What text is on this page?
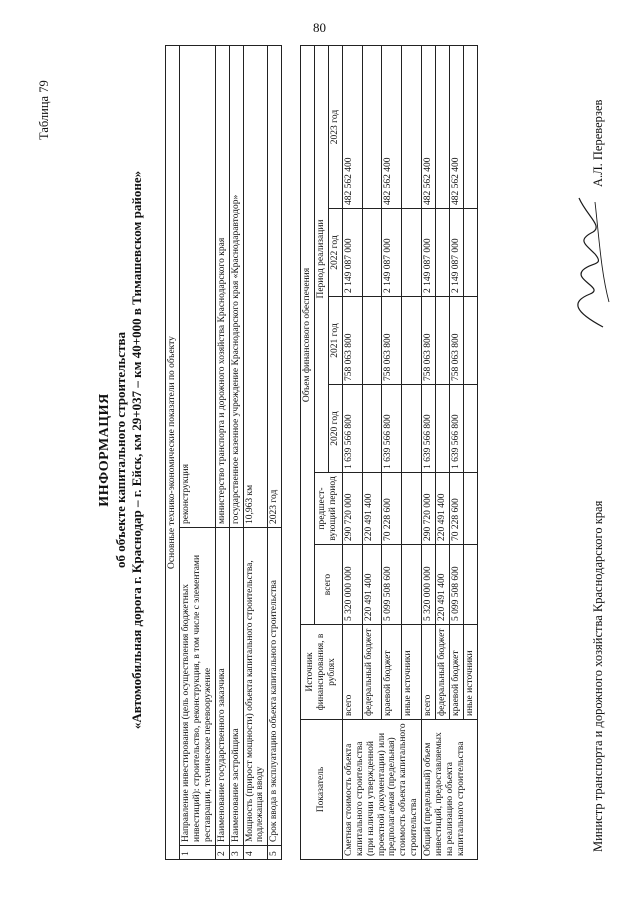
80
Таблица 79
ИНФОРМАЦИЯ об объекте капитального строительства «Автомобильная дорога г. Краснодар – г. Ейск, км 29+037 – км 40+000 в Тимашевском районе» Основные технико-экономические показатели по объекту		
1	Направление инвестирования (цель осуществления бюджетных инвестиций): строительство, реконструкция, в том числе с элементами реставрации, техническое перевооружение	реконструкция
2	Наименование государственного заказчика	министерство транспорта и дорожного хозяйства Краснодарского края
3	Наименование застройщика	государственное казенное учреждение Краснодарского края «Краснодаравтодор»
4	Мощность (прирост мощности) объекта капитального строительства, подлежащая вводу	10,963 км
5	Срок ввода в эксплуатацию объекта капитального строительства	2023 год
Показатель	Источник финансирования, в рублях	Объем финансового обеспечения					
		всего	предшест-вующий период	Период реализации			
				2020 год	2021 год	2022 год	2023 год
Сметная стоимость объекта капитального строительства (при наличии утвержденной проектной документации) или предполагаемая (предельная) стоимость объекта капитального строительства	всего	5 320 000 000	290 720 000	1 639 566 800	758 063 800	2 149 087 000	482 562 400
	федеральный бюджет	220 491 400	220 491 400				
	краевой бюджет	5 099 508 600	70 228 600	1 639 566 800	758 063 800	2 149 087 000	482 562 400
	иные источники						
Общий (предельный) объем инвестиций, предоставляемых на реализацию объекта капитального строительства	всего	5 320 000 000	290 720 000	1 639 566 800	758 063 800	2 149 087 000	482 562 400
	федеральный бюджет	220 491 400	220 491 400				
	краевой бюджет	5 099 508 600	70 228 600	1 639 566 800	758 063 800	2 149 087 000	482 562 400
	иные источники							Министр транспорта и дорожного хозяйства Краснодарского края
А.Л. Переверзев
